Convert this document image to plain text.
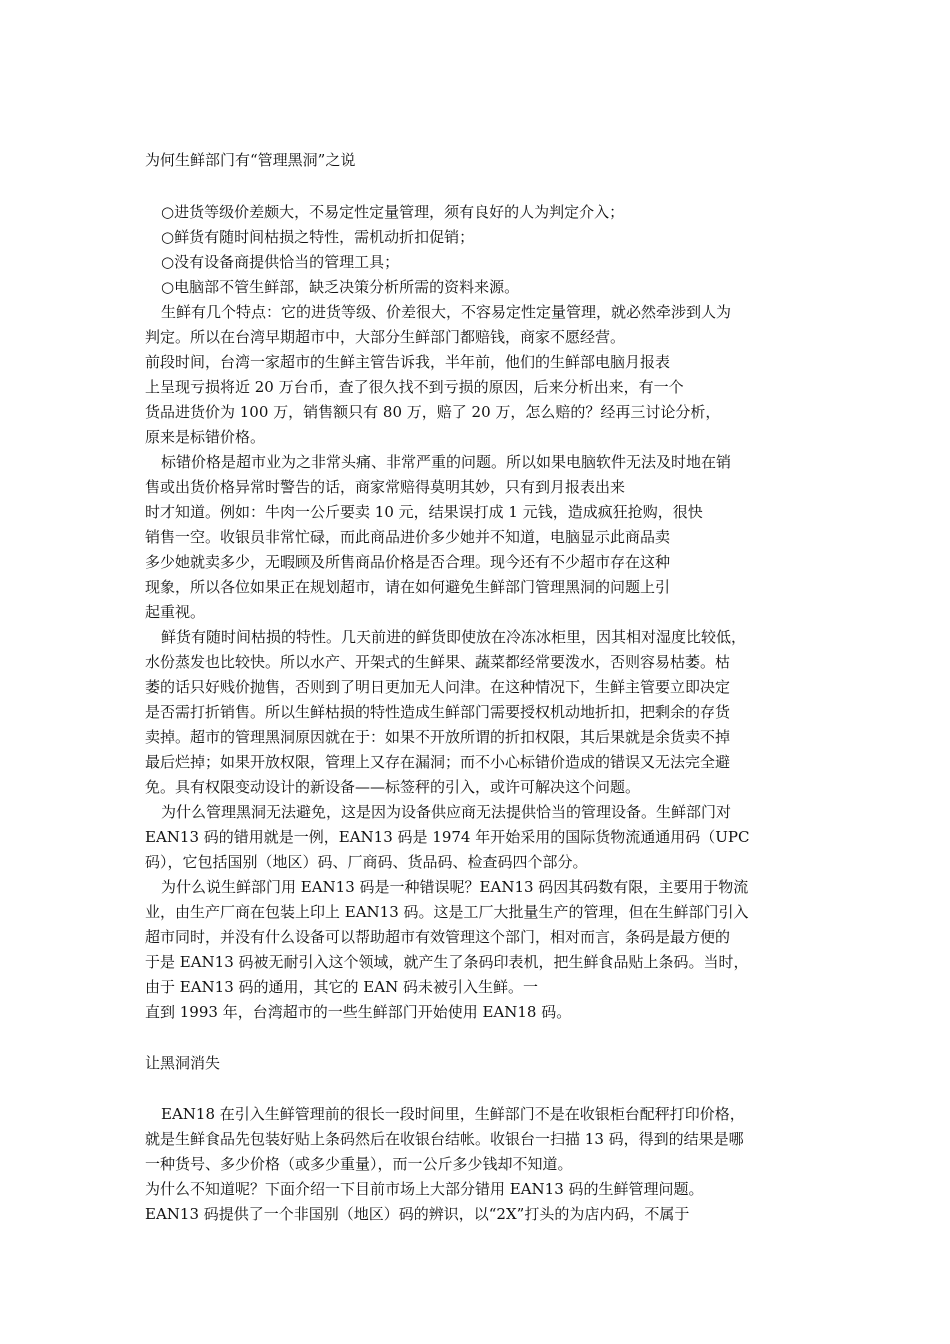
为何生鲜部门有“管理黑洞”之说
○进货等级价差颇大，不易定性定量管理，须有良好的人为判定介入；
○鲜货有随时间枯损之特性，需机动折扣促销；
○没有设备商提供恰当的管理工具；
○电脑部不管生鲜部，缺乏决策分析所需的资料来源。
生鲜有几个特点：它的进货等级、价差很大，不容易定性定量管理，就必然牵涉到人为
判定。所以在台湾早期超市中，大部分生鲜部门都赔钱，商家不愿经营。
前段时间，台湾一家超市的生鲜主管告诉我，半年前，他们的生鲜部电脑月报表
上呈现亏损将近 20 万台币，查了很久找不到亏损的原因，后来分析出来，有一个
货品进货价为 100 万，销售额只有 80 万，赔了 20 万，怎么赔的？经再三讨论分析，
原来是标错价格。
标错价格是超市业为之非常头痛、非常严重的问题。所以如果电脑软件无法及时地在销
售或出货价格异常时警告的话，商家常赔得莫明其妙，只有到月报表出来
时才知道。例如：牛肉一公斤要卖 10 元，结果误打成 1 元钱，造成疯狂抢购，很快
销售一空。收银员非常忙碌，而此商品进价多少她并不知道，电脑显示此商品卖
多少她就卖多少，无暇顾及所售商品价格是否合理。现今还有不少超市存在这种
现象，所以各位如果正在规划超市，请在如何避免生鲜部门管理黑洞的问题上引
起重视。
鲜货有随时间枯损的特性。几天前进的鲜货即使放在冷冻冰柜里，因其相对湿度比较低，
水份蒸发也比较快。所以水产、开架式的生鲜果、蔬菜都经常要泼水，否则容易枯萎。枯
萎的话只好贱价抛售，否则到了明日更加无人问津。在这种情况下，生鲜主管要立即决定
是否需打折销售。所以生鲜枯损的特性造成生鲜部门需要授权机动地折扣，把剩余的存货
卖掉。超市的管理黑洞原因就在于：如果不开放所谓的折扣权限，其后果就是余货卖不掉
最后烂掉；如果开放权限，管理上又存在漏洞；而不小心标错价造成的错误又无法完全避
免。具有权限变动设计的新设备——标签秤的引入，或许可解决这个问题。
为什么管理黑洞无法避免，这是因为设备供应商无法提供恰当的管理设备。生鲜部门对
EAN13 码的错用就是一例，EAN13 码是 1974 年开始采用的国际货物流通通用码（UPC
码），它包括国别（地区）码、厂商码、货品码、检查码四个部分。
为什么说生鲜部门用 EAN13 码是一种错误呢？EAN13 码因其码数有限，主要用于物流
业，由生产厂商在包装上印上 EAN13 码。这是工厂大批量生产的管理，但在生鲜部门引入
超市同时，并没有什么设备可以帮助超市有效管理这个部门，相对而言，条码是最方便的
于是 EAN13 码被无耐引入这个领域，就产生了条码印表机，把生鲜食品贴上条码。当时，
由于 EAN13 码的通用，其它的 EAN 码未被引入生鲜。一
直到 1993 年，台湾超市的一些生鲜部门开始使用 EAN18 码。
让黑洞消失
EAN18 在引入生鲜管理前的很长一段时间里，生鲜部门不是在收银柜台配秤打印价格，
就是生鲜食品先包装好贴上条码然后在收银台结帐。收银台一扫描 13 码，得到的结果是哪
一种货号、多少价格（或多少重量），而一公斤多少钱却不知道。
为什么不知道呢？下面介绍一下目前市场上大部分错用 EAN13 码的生鲜管理问题。
EAN13 码提供了一个非国别（地区）码的辨识，以“2X”打头的为店内码，不属于
